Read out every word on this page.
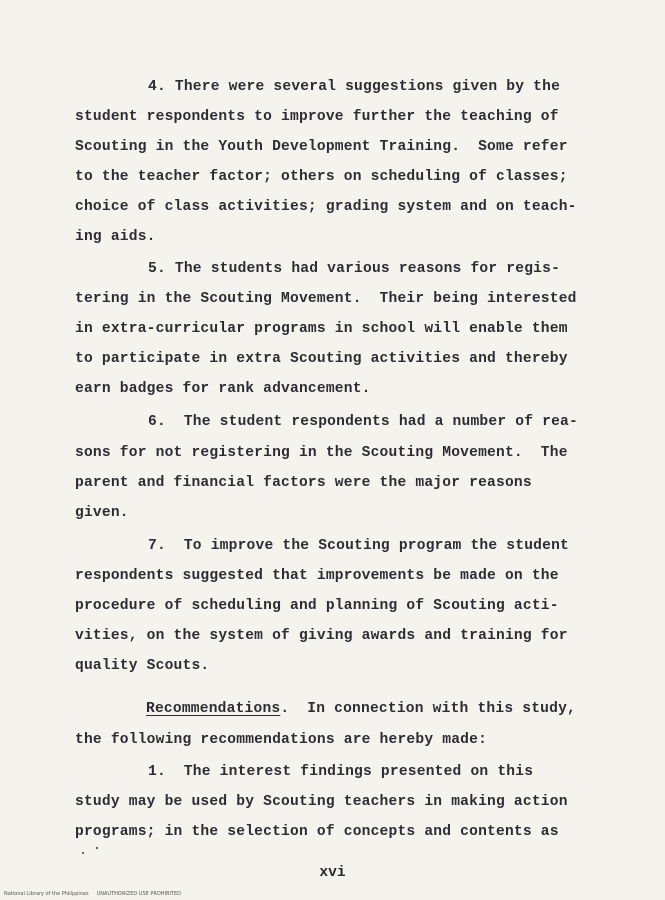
4. There were several suggestions given by the
student respondents to improve further the teaching of
Scouting in the Youth Development Training.  Some refer
to the teacher factor; others on scheduling of classes;
choice of class activities; grading system and on teach-
ing aids.
5. The students had various reasons for regis-
tering in the Scouting Movement.  Their being interested
in extra-curricular programs in school will enable them
to participate in extra Scouting activities and thereby
earn badges for rank advancement.
6.  The student respondents had a number of rea-
sons for not registering in the Scouting Movement.  The
parent and financial factors were the major reasons
given.
7.  To improve the Scouting program the student
respondents suggested that improvements be made on the
procedure of scheduling and planning of Scouting acti-
vities, on the system of giving awards and training for
quality Scouts.
Recommendations.  In connection with this study,
the following recommendations are hereby made:
1.  The interest findings presented on this
study may be used by Scouting teachers in making action
programs; in the selection of concepts and contents as
xvi
National Library of the Philippines     UNAUTHORIZED USE PROHIBITED
